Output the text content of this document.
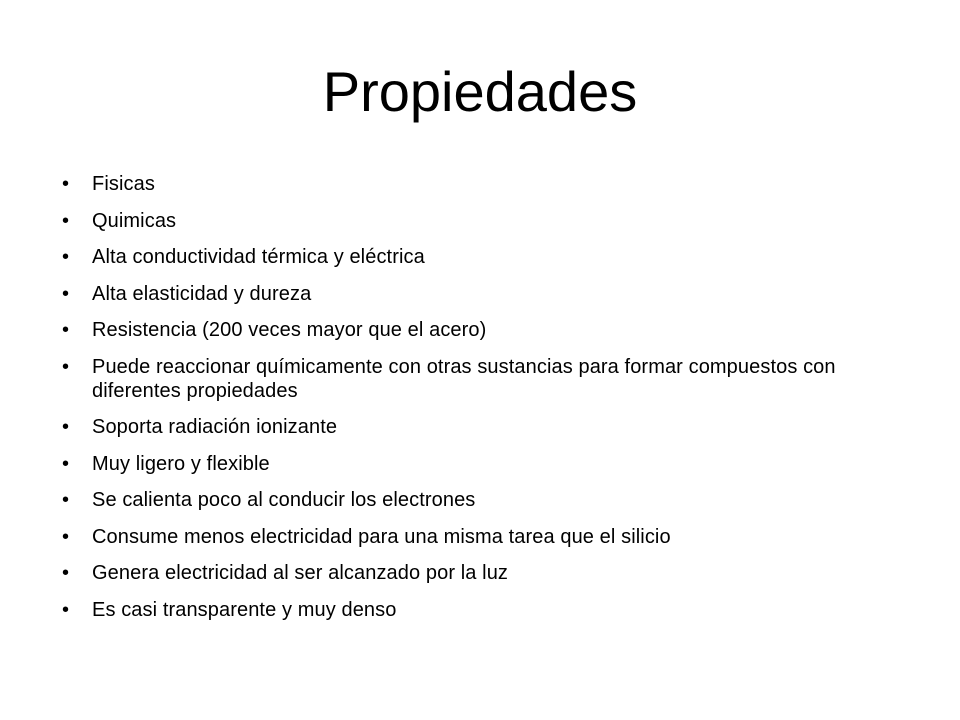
Propiedades
•	Fisicas
•	Quimicas
•	Alta conductividad térmica y eléctrica
•	Alta elasticidad y dureza
•	Resistencia (200 veces mayor que el acero)
•	Puede reaccionar químicamente con otras sustancias para formar compuestos con diferentes propiedades
•	Soporta radiación ionizante
•	Muy ligero y flexible
•	Se calienta poco al conducir los electrones
•	Consume menos electricidad para una misma tarea que el silicio
•	Genera electricidad al ser alcanzado por la luz
•	Es casi transparente y muy denso
